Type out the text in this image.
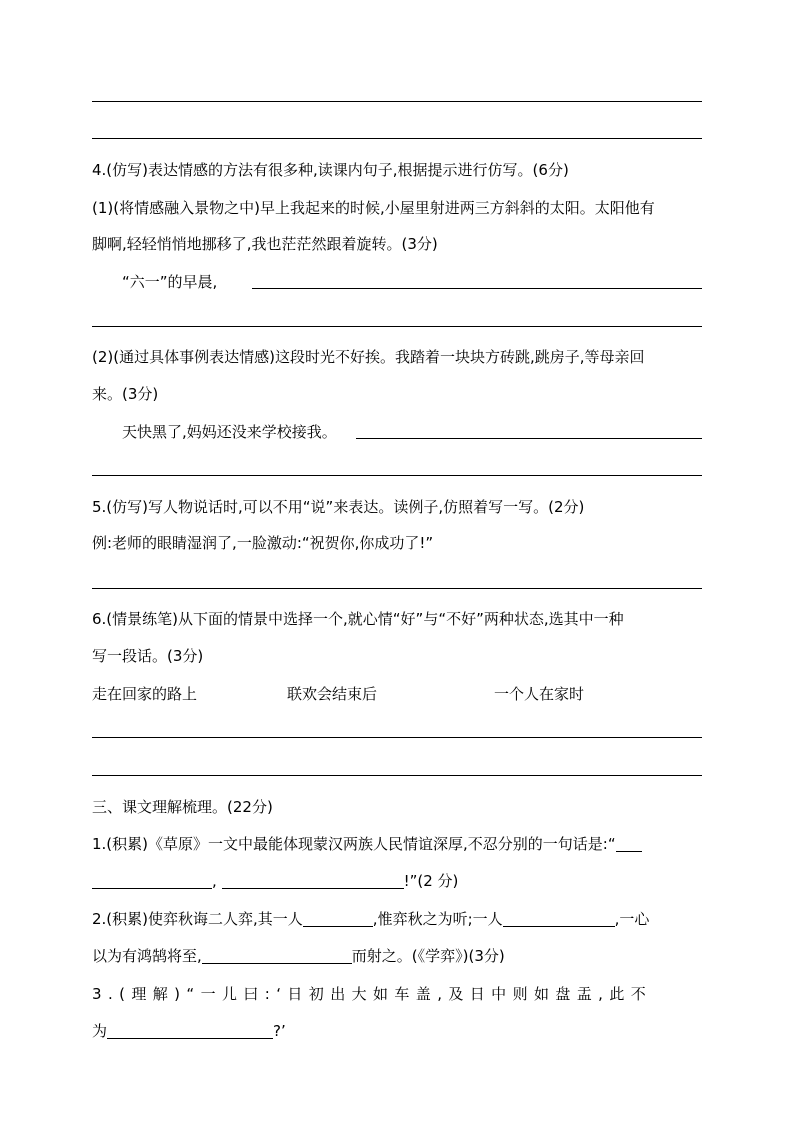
4.(仿写)表达情感的方法有很多种,读课内句子,根据提示进行仿写。(6分)
(1)(将情感融入景物之中)早上我起来的时候,小屋里射进两三方斜斜的太阳。太阳他有
脚啊,轻轻悄悄地挪移了,我也茫茫然跟着旋转。(3分)
“六一”的早晨,
(2)(通过具体事例表达情感)这段时光不好挨。我踏着一块块方砖跳,跳房子,等母亲回
来。(3分)
天快黑了,妈妈还没来学校接我。
5.(仿写)写人物说话时,可以不用“说”来表达。读例子,仿照着写一写。(2分)
例:老师的眼睛湿润了,一脸激动:“祝贺你,你成功了!”
6.(情景练笔)从下面的情景中选择一个,就心情“好”与“不好”两种状态,选其中一种
写一段话。(3分)
走在回家的路上	联欢会结束后	一个人在家时
三、课文理解梳理。(22分)
1.(积累)《草原》一文中最能体现蒙汉两族人民情谊深厚,不忍分别的一句话是:“
,	!”(2 分)
2.(积累)使弈秋诲二人弈,其一人	,惟弈秋之为听;一人	,一心
以为有鸿鹄将至,	而射之。(《学弈》)(3分)
3.(理解)“一儿曰:‘日初出大如车盖,及日中则如盘盂,此不
为	?’
